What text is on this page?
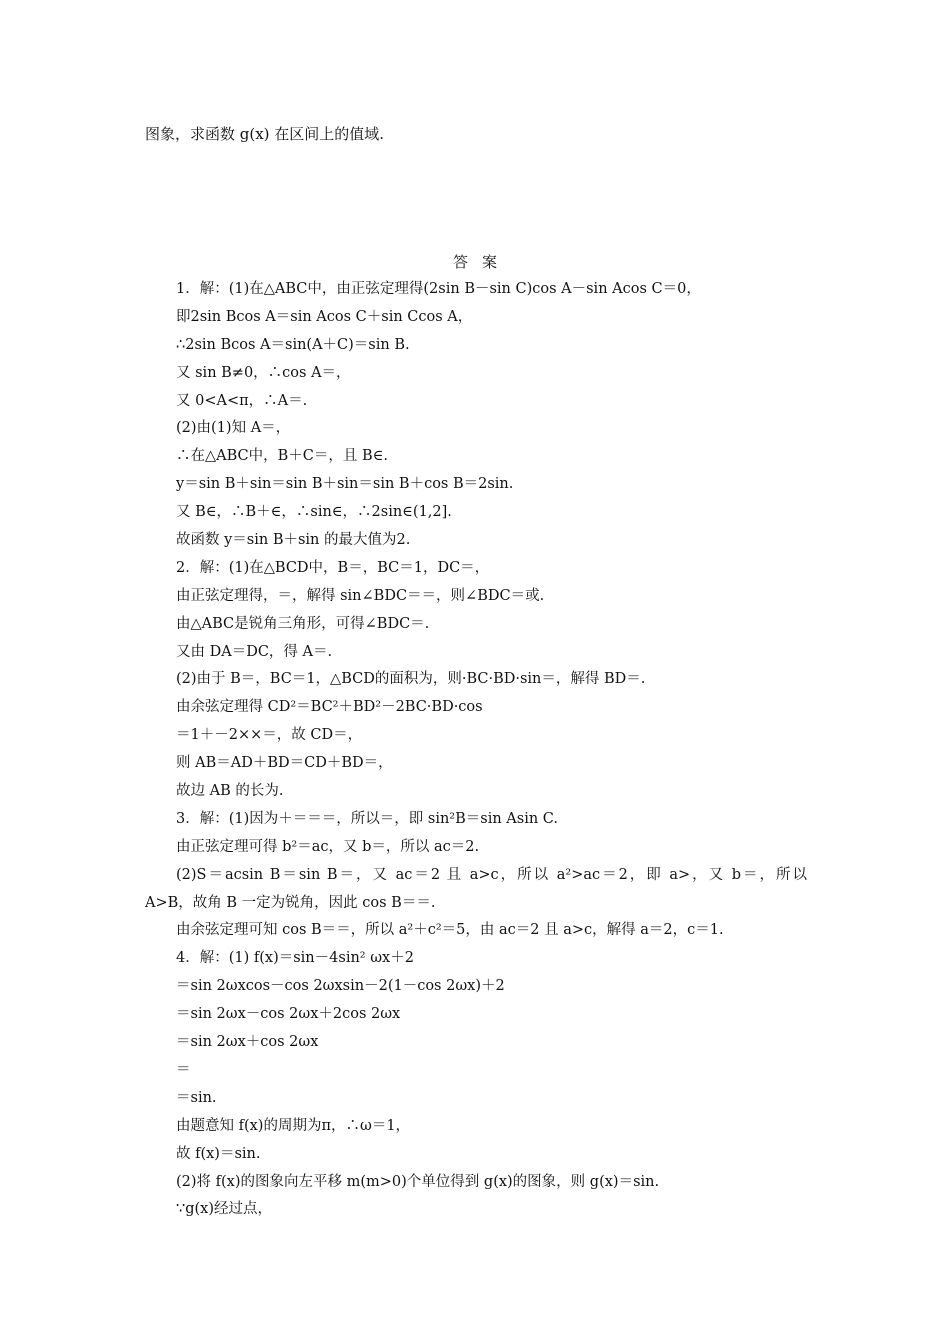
图象，求函数 g(x) 在区间上的值域.
答案
1．解：(1)在△ABC中，由正弦定理得(2sin B－sin C)cos A－sin Acos C＝0，
即2sin Bcos A＝sin Acos C＋sin Ccos A，
∴2sin Bcos A＝sin(A＋C)＝sin B.
又 sin B≠0，∴cos A＝，
又 0<A<π，∴A＝.
(2)由(1)知 A＝，
∴在△ABC中，B＋C＝，且 B∈.
y＝sin B＋sin＝sin B＋sin＝sin B＋cos B＝2sin.
又 B∈，∴B＋∈，∴sin∈，∴2sin∈(1,2].
故函数 y＝sin B＋sin 的最大值为2.
2．解：(1)在△BCD中，B＝，BC＝1，DC＝，
由正弦定理得，＝，解得 sin∠BDC＝＝，则∠BDC＝或.
由△ABC是锐角三角形，可得∠BDC＝.
又由 DA＝DC，得 A＝.
(2)由于 B＝，BC＝1，△BCD的面积为，则·BC·BD·sin＝，解得 BD＝.
由余弦定理得 CD²＝BC²＋BD²－2BC·BD·cos
＝1＋－2××＝，故 CD＝，
则 AB＝AD＋BD＝CD＋BD＝，
故边 AB 的长为.
3．解：(1)因为＋＝＝＝，所以＝，即 sin²B＝sin Asin C.
由正弦定理可得 b²＝ac，又 b＝，所以 ac＝2.
(2)S＝acsin B＝sin B＝，又 ac＝2 且 a>c，所以 a²>ac＝2，即 a>，又 b＝，所以
A>B，故角 B 一定为锐角，因此 cos B＝＝.
由余弦定理可知 cos B＝＝，所以 a²＋c²＝5，由 ac＝2 且 a>c，解得 a＝2，c＝1.
4．解：(1) f(x)＝sin－4sin² ωx＋2
＝sin 2ωxcos－cos 2ωxsin－2(1－cos 2ωx)＋2
＝sin 2ωx－cos 2ωx＋2cos 2ωx
＝sin 2ωx＋cos 2ωx
＝
＝sin.
由题意知 f(x)的周期为π，∴ω＝1，
故 f(x)＝sin.
(2)将 f(x)的图象向左平移 m(m>0)个单位得到 g(x)的图象，则 g(x)＝sin.
∵g(x)经过点，
